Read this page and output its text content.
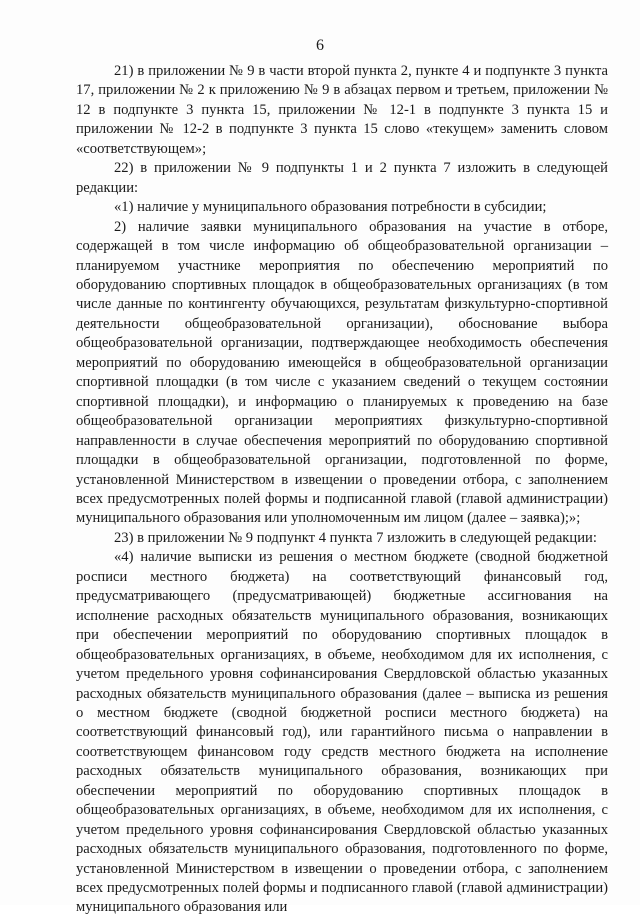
6

21) в приложении № 9 в части второй пункта 2, пункте 4 и подпункте 3 пункта 17, приложении № 2 к приложению № 9 в абзацах первом и третьем, приложении № 12 в подпункте 3 пункта 15, приложении № 12-1 в подпункте 3 пункта 15 и приложении № 12-2 в подпункте 3 пункта 15 слово «текущем» заменить словом «соответствующем»;

22) в приложении № 9 подпункты 1 и 2 пункта 7 изложить в следующей редакции:

«1) наличие у муниципального образования потребности в субсидии;

2) наличие заявки муниципального образования на участие в отборе, содержащей в том числе информацию об общеобразовательной организации – планируемом участнике мероприятия по обеспечению мероприятий по оборудованию спортивных площадок в общеобразовательных организациях (в том числе данные по контингенту обучающихся, результатам физкультурно-спортивной деятельности общеобразовательной организации), обоснование выбора общеобразовательной организации, подтверждающее необходимость обеспечения мероприятий по оборудованию имеющейся в общеобразовательной организации спортивной площадки (в том числе с указанием сведений о текущем состоянии спортивной площадки), и информацию о планируемых к проведению на базе общеобразовательной организации мероприятиях физкультурно-спортивной направленности в случае обеспечения мероприятий по оборудованию спортивной площадки в общеобразовательной организации, подготовленной по форме, установленной Министерством в извещении о проведении отбора, с заполнением всех предусмотренных полей формы и подписанной главой (главой администрации) муниципального образования или уполномоченным им лицом (далее – заявка);»;

23) в приложении № 9 подпункт 4 пункта 7 изложить в следующей редакции:

«4) наличие выписки из решения о местном бюджете (сводной бюджетной росписи местного бюджета) на соответствующий финансовый год, предусматривающего (предусматривающей) бюджетные ассигнования на исполнение расходных обязательств муниципального образования, возникающих при обеспечении мероприятий по оборудованию спортивных площадок в общеобразовательных организациях, в объеме, необходимом для их исполнения, с учетом предельного уровня софинансирования Свердловской областью указанных расходных обязательств муниципального образования (далее – выписка из решения о местном бюджете (сводной бюджетной росписи местного бюджета) на соответствующий финансовый год), или гарантийного письма о направлении в соответствующем финансовом году средств местного бюджета на исполнение расходных обязательств муниципального образования, возникающих при обеспечении мероприятий по оборудованию спортивных площадок в общеобразовательных организациях, в объеме, необходимом для их исполнения, с учетом предельного уровня софинансирования Свердловской областью указанных расходных обязательств муниципального образования, подготовленного по форме, установленной Министерством в извещении о проведении отбора, с заполнением всех предусмотренных полей формы и подписанного главой (главой администрации) муниципального образования или
